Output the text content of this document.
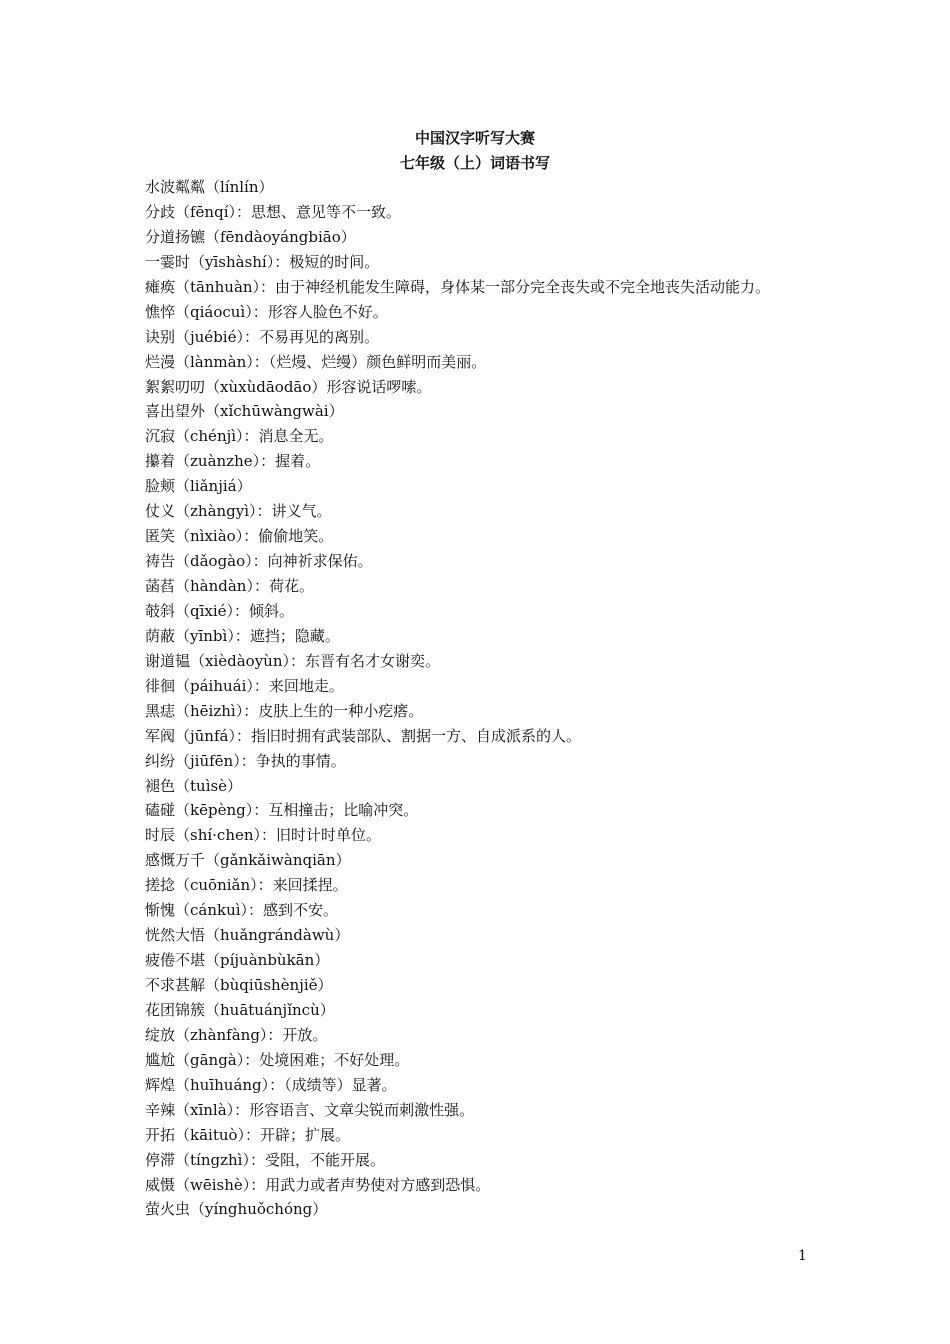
中国汉字听写大赛
七年级（上）词语书写
水波粼粼（línlín）
分歧（fēnqí）：思想、意见等不一致。
分道扬镳（fēndàoyángbiāo）
一霎时（yīshàshí）：极短的时间。
瘫痪（tānhuàn）：由于神经机能发生障碍，身体某一部分完全丧失或不完全地丧失活动能力。
憔悴（qiáocuì）：形容人脸色不好。
诀别（juébié）：不易再见的离别。
烂漫（lànmàn）：（烂熳、烂缦）颜色鲜明而美丽。
絮絮叨叨（xùxùdāodāo）形容说话啰嗦。
喜出望外（xǐchūwàngwài）
沉寂（chénjì）：消息全无。
攥着（zuànzhe）：握着。
脸颊（liǎnjiá）
仗义（zhàngyì）：讲义气。
匿笑（nìxiào）：偷偷地笑。
祷告（dǎogào）：向神祈求保佑。
菡萏（hàndàn）：荷花。
攲斜（qīxié）：倾斜。
荫蔽（yīnbì）：遮挡；隐藏。
谢道韫（xièdàoyùn）：东晋有名才女谢奕。
徘徊（páihuái）：来回地走。
黑痣（hēizhì）：皮肤上生的一种小疙瘩。
军阀（jūnfá）：指旧时拥有武装部队、割据一方、自成派系的人。
纠纷（jiūfēn）：争执的事情。
褪色（tuìsè）
磕碰（kēpèng）：互相撞击；比喻冲突。
时辰（shí·chen）：旧时计时单位。
感慨万千（gǎnkǎiwànqiān）
搓捻（cuōniǎn）：来回揉捏。
惭愧（cánkuì）：感到不安。
恍然大悟（huǎngrándàwù）
疲倦不堪（píjuànbùkān）
不求甚解（bùqiūshènjiě）
花团锦簇（huātuánjǐncù）
绽放（zhànfàng）：开放。
尴尬（gāngà）：处境困难；不好处理。
辉煌（huīhuáng）：（成绩等）显著。
辛辣（xīnlà）：形容语言、文章尖锐而刺激性强。
开拓（kāituò）：开辟；扩展。
停滞（tíngzhì）：受阻，不能开展。
威慑（wēishè）：用武力或者声势使对方感到恐惧。
萤火虫（yínghuǒchóng）
1
